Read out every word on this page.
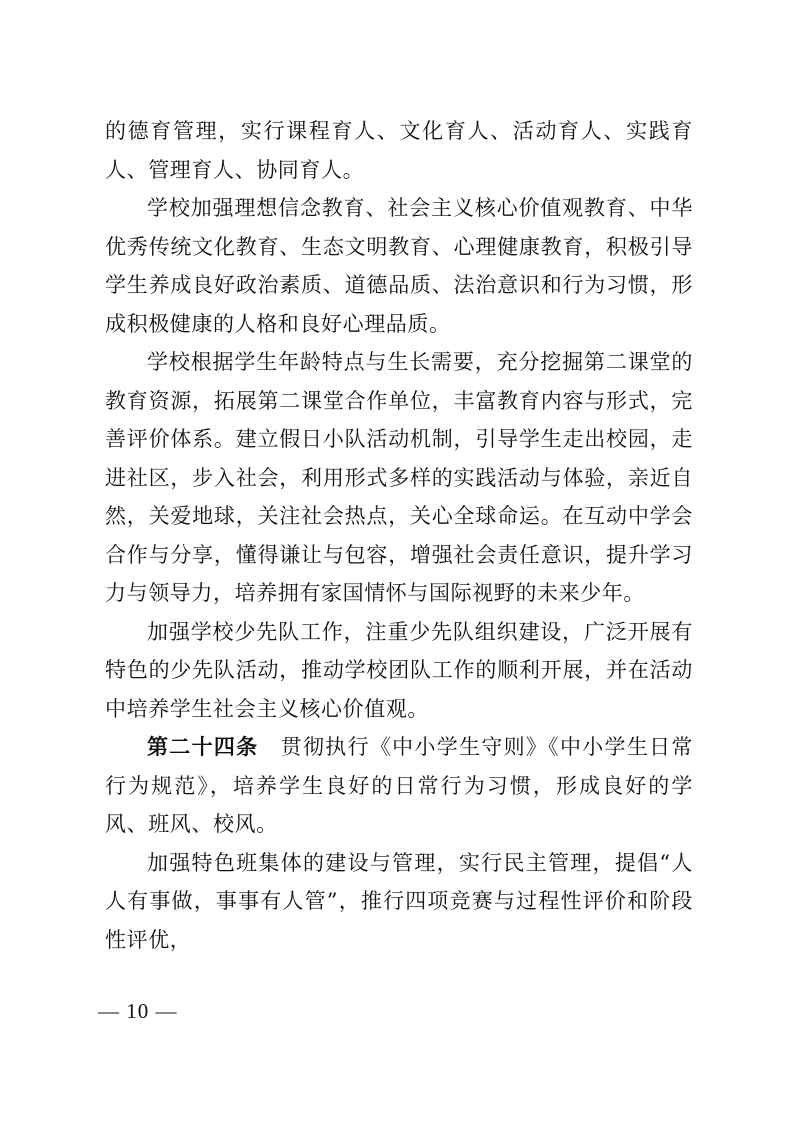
的德育管理，实行课程育人、文化育人、活动育人、实践育人、管理育人、协同育人。

学校加强理想信念教育、社会主义核心价值观教育、中华优秀传统文化教育、生态文明教育、心理健康教育，积极引导学生养成良好政治素质、道德品质、法治意识和行为习惯，形成积极健康的人格和良好心理品质。

学校根据学生年龄特点与生长需要，充分挖掘第二课堂的教育资源，拓展第二课堂合作单位，丰富教育内容与形式，完善评价体系。建立假日小队活动机制，引导学生走出校园，走进社区，步入社会，利用形式多样的实践活动与体验，亲近自然，关爱地球，关注社会热点，关心全球命运。在互动中学会合作与分享，懂得谦让与包容，增强社会责任意识，提升学习力与领导力，培养拥有家国情怀与国际视野的未来少年。

加强学校少先队工作，注重少先队组织建设，广泛开展有特色的少先队活动，推动学校团队工作的顺利开展，并在活动中培养学生社会主义核心价值观。

第二十四条  贯彻执行《中小学生守则》《中小学生日常行为规范》，培养学生良好的日常行为习惯，形成良好的学风、班风、校风。

加强特色班集体的建设与管理，实行民主管理，提倡“人人有事做，事事有人管”，推行四项竞赛与过程性评价和阶段性评优，

— 10 —
